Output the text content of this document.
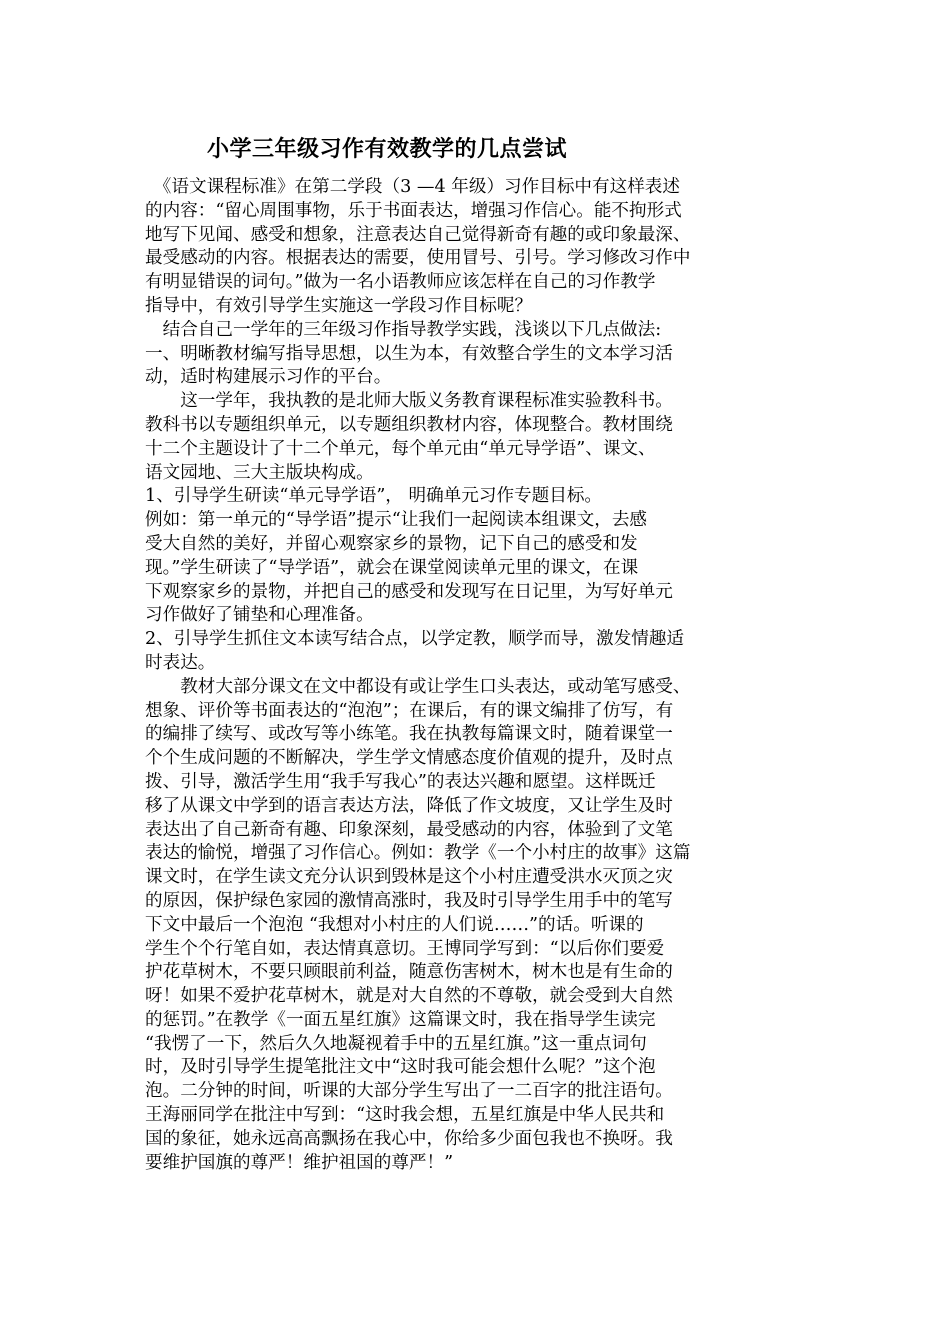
小学三年级习作有效教学的几点尝试
　《语文课程标准》在第二学段（3 —4 年级）习作目标中有这样表述
的内容：“留心周围事物，乐于书面表达，增强习作信心。能不拘形式
地写下见闻、感受和想象，注意表达自己觉得新奇有趣的或印象最深、
最受感动的内容。根据表达的需要，使用冒号、引号。学习修改习作中
有明显错误的词句。”做为一名小语教师应该怎样在自己的习作教学
指导中，有效引导学生实施这一学段习作目标呢？
　结合自己一学年的三年级习作指导教学实践，浅谈以下几点做法:
一、明晰教材编写指导思想，以生为本，有效整合学生的文本学习活
动，适时构建展示习作的平台。
　　这一学年，我执教的是北师大版义务教育课程标准实验教科书。
教科书以专题组织单元，以专题组织教材内容，体现整合。教材围绕
十二个主题设计了十二个单元，每个单元由“单元导学语”、课文、
语文园地、三大主版块构成。
1、引导学生研读“单元导学语”， 明确单元习作专题目标。
例如：第一单元的“导学语”提示“让我们一起阅读本组课文，去感
受大自然的美好，并留心观察家乡的景物，记下自己的感受和发
现。”学生研读了“导学语”，就会在课堂阅读单元里的课文，在课
下观察家乡的景物，并把自己的感受和发现写在日记里，为写好单元
习作做好了铺垫和心理准备。
2、引导学生抓住文本读写结合点，以学定教，顺学而导，激发情趣适
时表达。
　　教材大部分课文在文中都设有或让学生口头表达，或动笔写感受、
想象、评价等书面表达的“泡泡”；在课后，有的课文编排了仿写，有
的编排了续写、或改写等小练笔。我在执教每篇课文时，随着课堂一
个个生成问题的不断解决，学生学文情感态度价值观的提升，及时点
拨、引导，激活学生用“我手写我心”的表达兴趣和愿望。这样既迁
移了从课文中学到的语言表达方法，降低了作文坡度，又让学生及时
表达出了自己新奇有趣、印象深刻，最受感动的内容，体验到了文笔
表达的愉悦，增强了习作信心。例如：教学《一个小村庄的故事》这篇
课文时，在学生读文充分认识到毁林是这个小村庄遭受洪水灭顶之灾
的原因，保护绿色家园的激情高涨时，我及时引导学生用手中的笔写
下文中最后一个泡泡 “我想对小村庄的人们说……”的话。听课的
学生个个行笔自如，表达情真意切。王博同学写到：“以后你们要爱
护花草树木，不要只顾眼前利益，随意伤害树木，树木也是有生命的
呀！如果不爱护花草树木，就是对大自然的不尊敬，就会受到大自然
的惩罚。”在教学《一面五星红旗》这篇课文时，我在指导学生读完
“我愣了一下，然后久久地凝视着手中的五星红旗。”这一重点词句
时，及时引导学生提笔批注文中“这时我可能会想什么呢？”这个泡
泡。二分钟的时间，听课的大部分学生写出了一二百字的批注语句。
王海丽同学在批注中写到：“这时我会想，五星红旗是中华人民共和
国的象征，她永远高高飘扬在我心中，你给多少面包我也不换呀。我
要维护国旗的尊严！维护祖国的尊严！”
